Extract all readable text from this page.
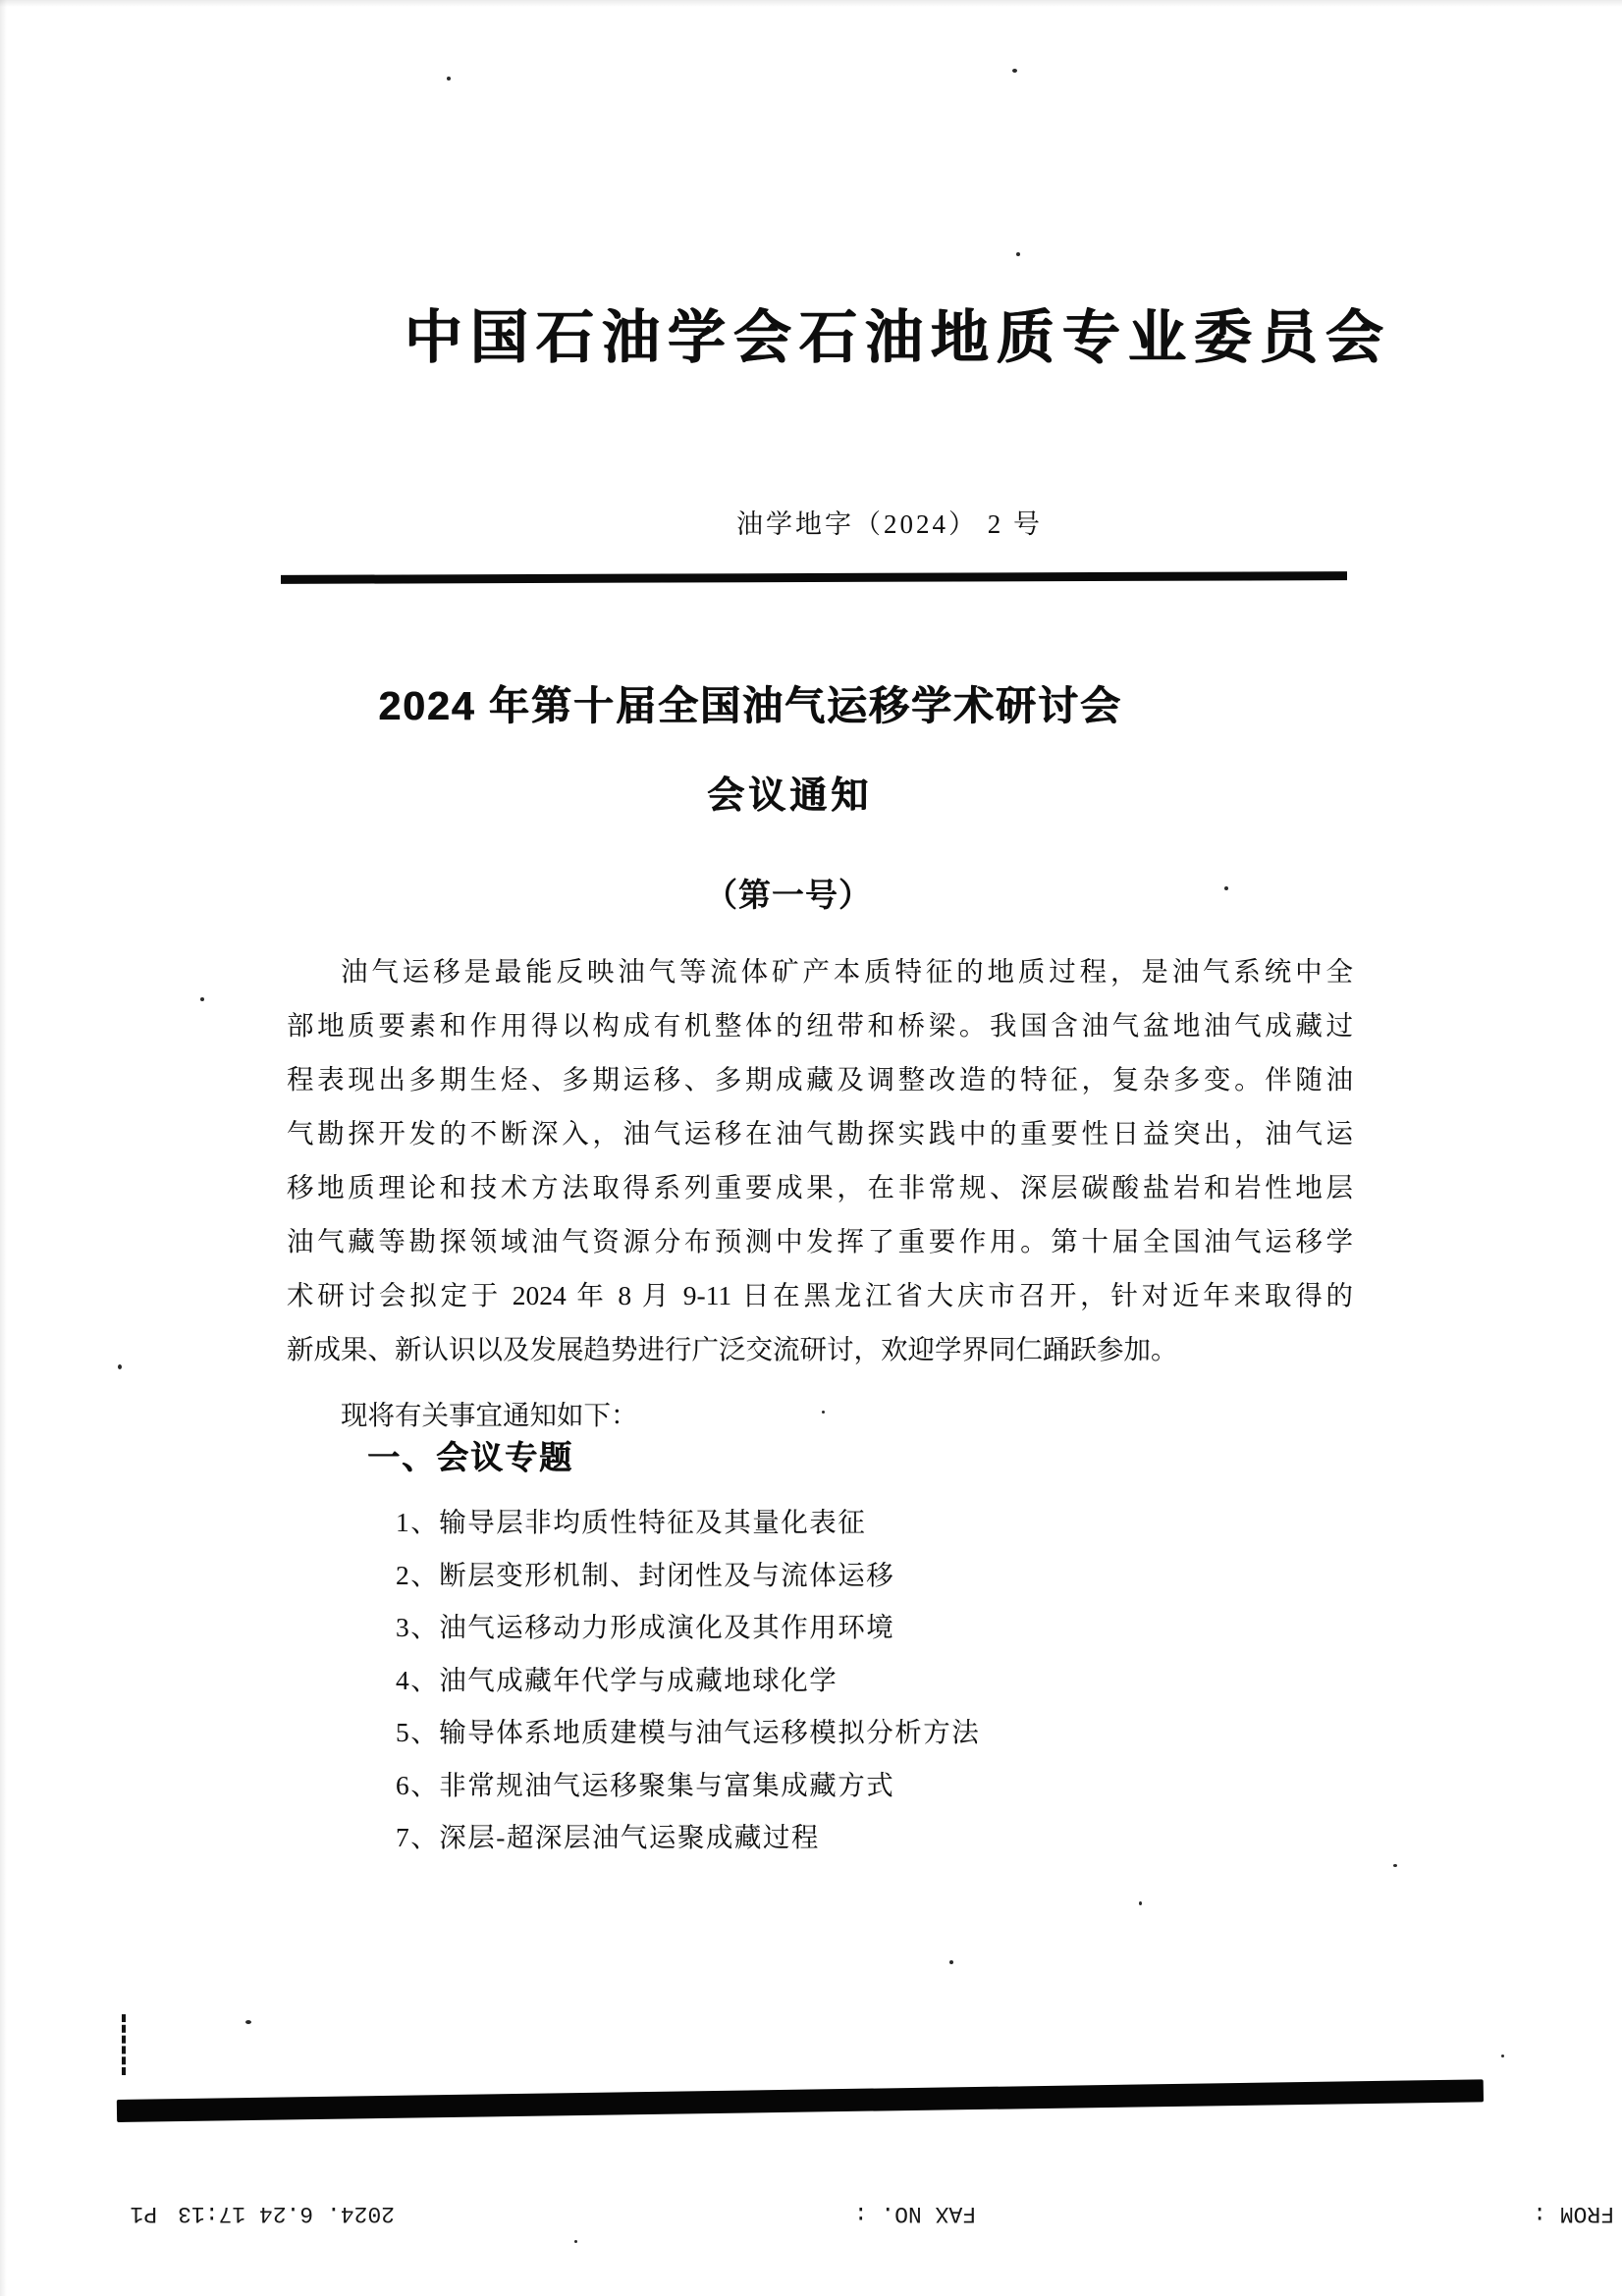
中国石油学会石油地质专业委员会
油学地字（2024） 2 号
2024 年第十届全国油气运移学术研讨会
会议通知
（第一号）
油气运移是最能反映油气等流体矿产本质特征的地质过程，是油气系统中全
部地质要素和作用得以构成有机整体的纽带和桥梁。我国含油气盆地油气成藏过
程表现出多期生烃、多期运移、多期成藏及调整改造的特征，复杂多变。伴随油
气勘探开发的不断深入，油气运移在油气勘探实践中的重要性日益突出，油气运
移地质理论和技术方法取得系列重要成果，在非常规、深层碳酸盐岩和岩性地层
油气藏等勘探领域油气资源分布预测中发挥了重要作用。第十届全国油气运移学
术研讨会拟定于 2024 年 8 月 9-11 日在黑龙江省大庆市召开，针对近年来取得的
新成果、新认识以及发展趋势进行广泛交流研讨，欢迎学界同仁踊跃参加。
现将有关事宜通知如下：
一、会议专题
1、输导层非均质性特征及其量化表征
2、断层变形机制、封闭性及与流体运移
3、油气运移动力形成演化及其作用环境
4、油气成藏年代学与成藏地球化学
5、输导体系地质建模与油气运移模拟分析方法
6、非常规油气运移聚集与富集成藏方式
7、深层-超深层油气运聚成藏过程
FROM :
FAX NO. :
2024. 6.24 17:13
P1
